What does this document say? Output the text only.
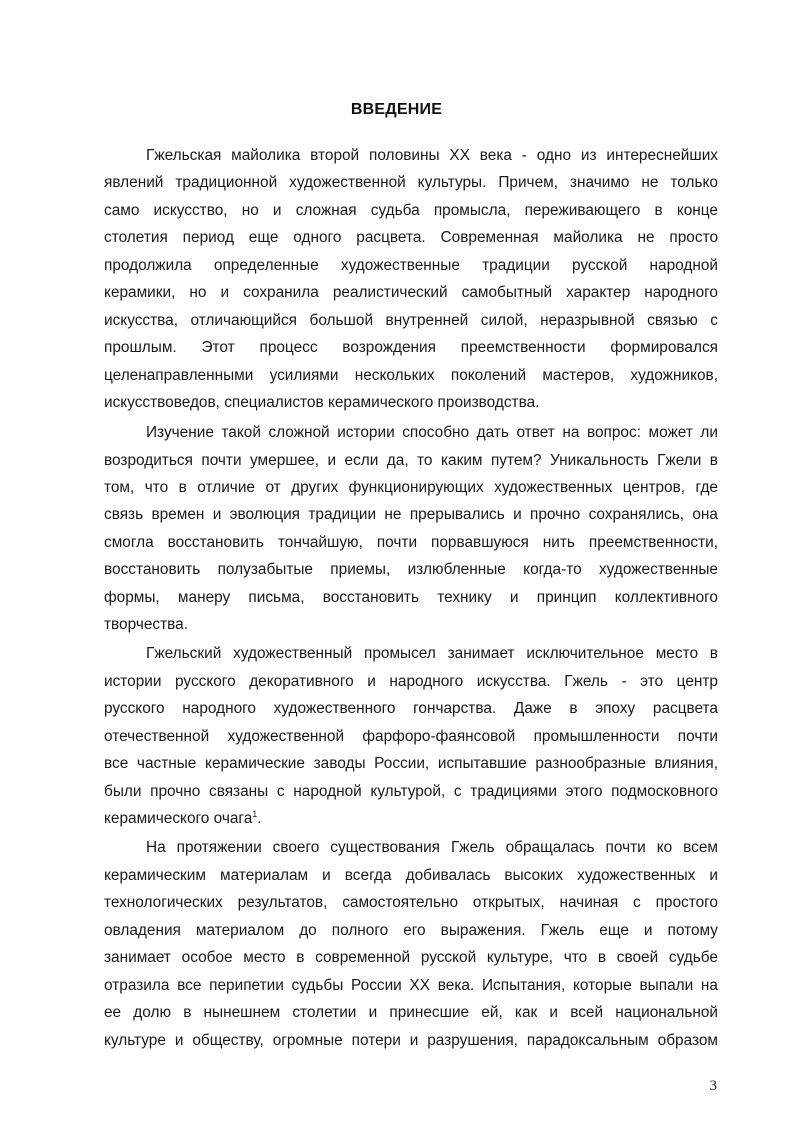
ВВЕДЕНИЕ
Гжельская майолика второй половины XX века - одно из интереснейших
явлений традиционной художественной культуры. Причем, значимо не только
само искусство, но и сложная судьба промысла, переживающего в конце
столетия период еще одного расцвета. Современная майолика не просто
продолжила определенные художественные традиции русской народной
керамики, но и сохранила реалистический самобытный характер народного
искусства, отличающийся большой внутренней силой, неразрывной связью с
прошлым. Этот процесс возрождения преемственности формировался
целенаправленными усилиями нескольких поколений мастеров, художников,
искусствоведов, специалистов керамического производства.
Изучение такой сложной истории способно дать ответ на вопрос: может ли
возродиться почти умершее, и если да, то каким путем? Уникальность Гжели в
том, что в отличие от других функционирующих художественных центров, где
связь времен и эволюция традиции не прерывались и прочно сохранялись, она
смогла восстановить тончайшую, почти порвавшуюся нить преемственности,
восстановить полузабытые приемы, излюбленные когда-то художественные
формы, манеру письма, восстановить технику и принцип коллективного
творчества.
Гжельский художественный промысел занимает исключительное место в
истории русского декоративного и народного искусства. Гжель - это центр
русского народного художественного гончарства. Даже в эпоху расцвета
отечественной художественной фарфоро-фаянсовой промышленности почти
все частные керамические заводы России, испытавшие разнообразные влияния,
были прочно связаны с народной культурой, с традициями этого подмосковного
керамического очага$^1$.
На протяжении своего существования Гжель обращалась почти ко всем
керамическим материалам и всегда добивалась высоких художественных и
технологических результатов, самостоятельно открытых, начиная с простого
овладения материалом до полного его выражения. Гжель еще и потому
занимает особое место в современной русской культуре, что в своей судьбе
отразила все перипетии судьбы России XX века. Испытания, которые выпали на
ее долю в нынешнем столетии и принесшие ей, как и всей национальной
культуре и обществу, огромные потери и разрушения, парадоксальным образом
3
